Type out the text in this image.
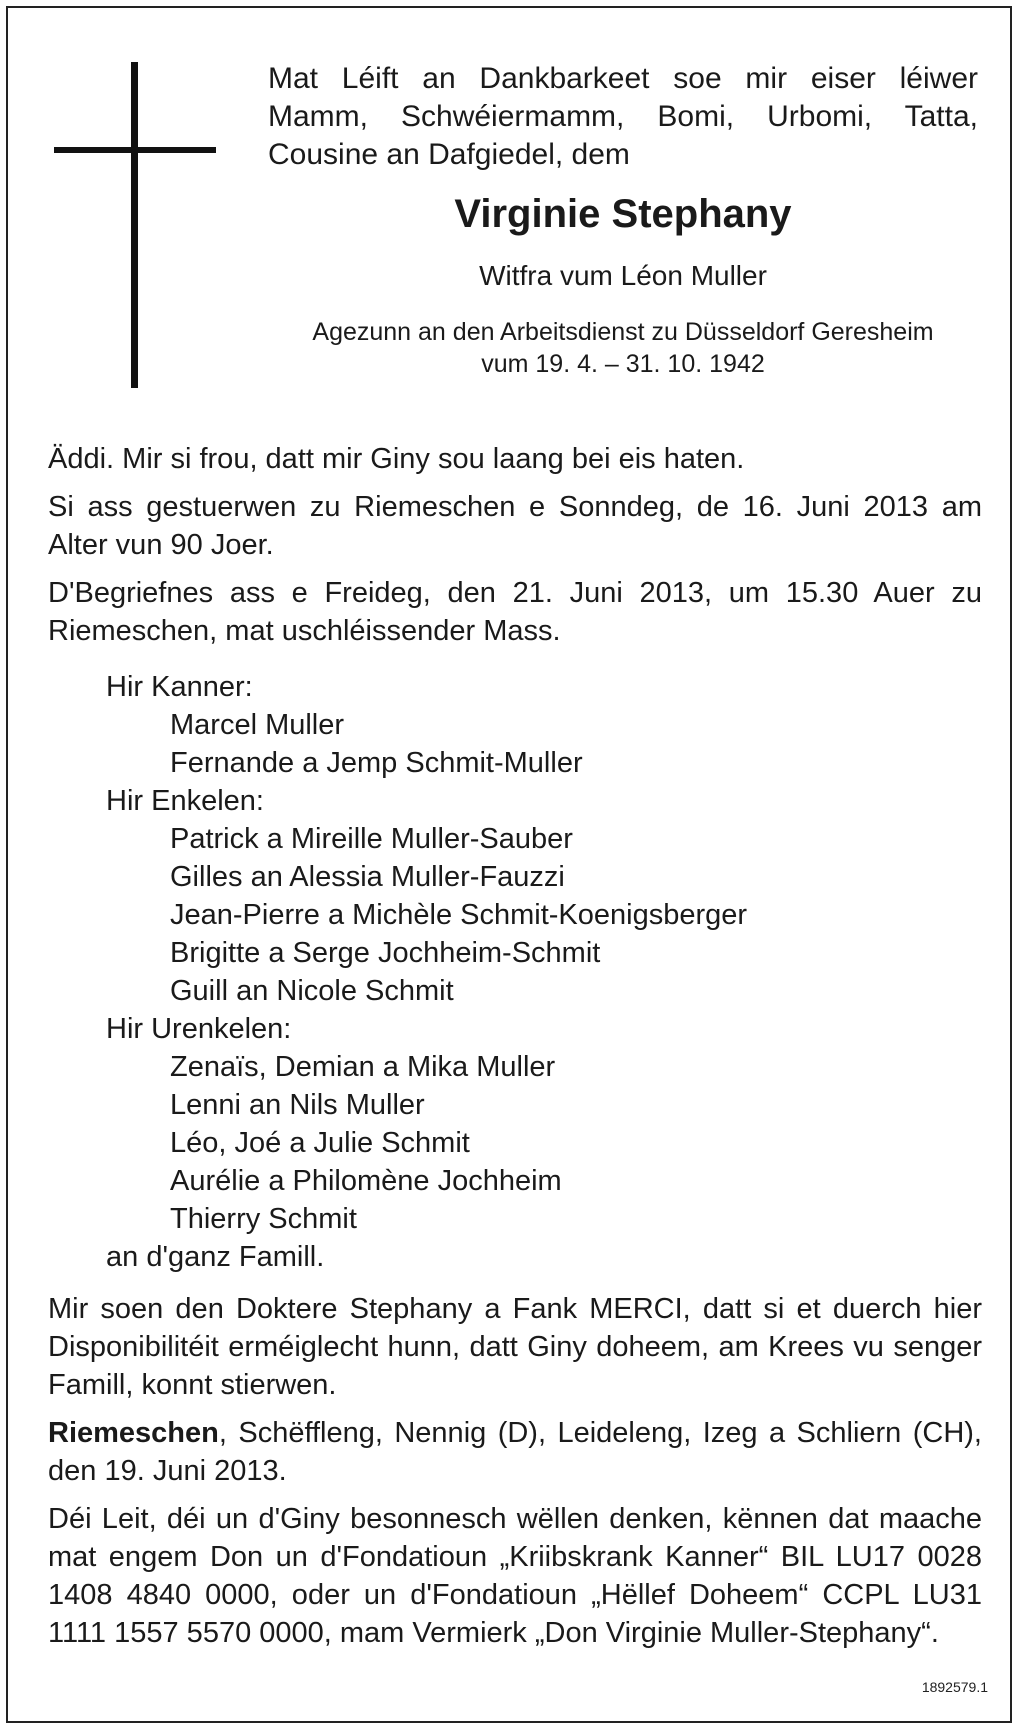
Mat Léift an Dankbarkeet soe mir eiser léiwer Mamm, Schwéiermamm, Bomi, Urbomi, Tatta, Cousine an Dafgiedel, dem

Virginie Stephany

Witfra vum Léon Muller

Agezunn an den Arbeitsdienst zu Düsseldorf Geresheim
vum 19. 4. – 31. 10. 1942

Äddi. Mir si frou, datt mir Giny sou laang bei eis haten.

Si ass gestuerwen zu Riemeschen e Sonndeg, de 16. Juni 2013 am Alter vun 90 Joer.

D'Begriefnes ass e Freideg, den 21. Juni 2013, um 15.30 Auer zu Riemeschen, mat uschléissender Mass.

Hir Kanner:

Marcel Muller
Fernande a Jemp Schmit-Muller

Hir Enkelen:

Patrick a Mireille Muller-Sauber
Gilles an Alessia Muller-Fauzzi
Jean-Pierre a Michèle Schmit-Koenigsberger
Brigitte a Serge Jochheim-Schmit
Guill an Nicole Schmit

Hir Urenkelen:

Zenaïs, Demian a Mika Muller
Lenni an Nils Muller
Léo, Joé a Julie Schmit
Aurélie a Philomène Jochheim
Thierry Schmit

an d'ganz Famill.

Mir soen den Doktere Stephany a Fank MERCI, datt si et duerch hier Disponibilitéit erméiglecht hunn, datt Giny doheem, am Krees vu senger Famill, konnt stierwen.

Riemeschen, Schëffleng, Nennig (D), Leideleng, Izeg a Schliern (CH), den 19. Juni 2013.

Déi Leit, déi un d'Giny besonnesch wëllen denken, kënnen dat maache mat engem Don un d'Fondatioun „Kriibskrank Kanner“ BIL LU17 0028 1408 4840 0000, oder un d'Fondatioun „Hëllef Doheem“ CCPL LU31 1111 1557 5570 0000, mam Vermierk „Don Virginie Muller-Stephany“.

1892579.1
